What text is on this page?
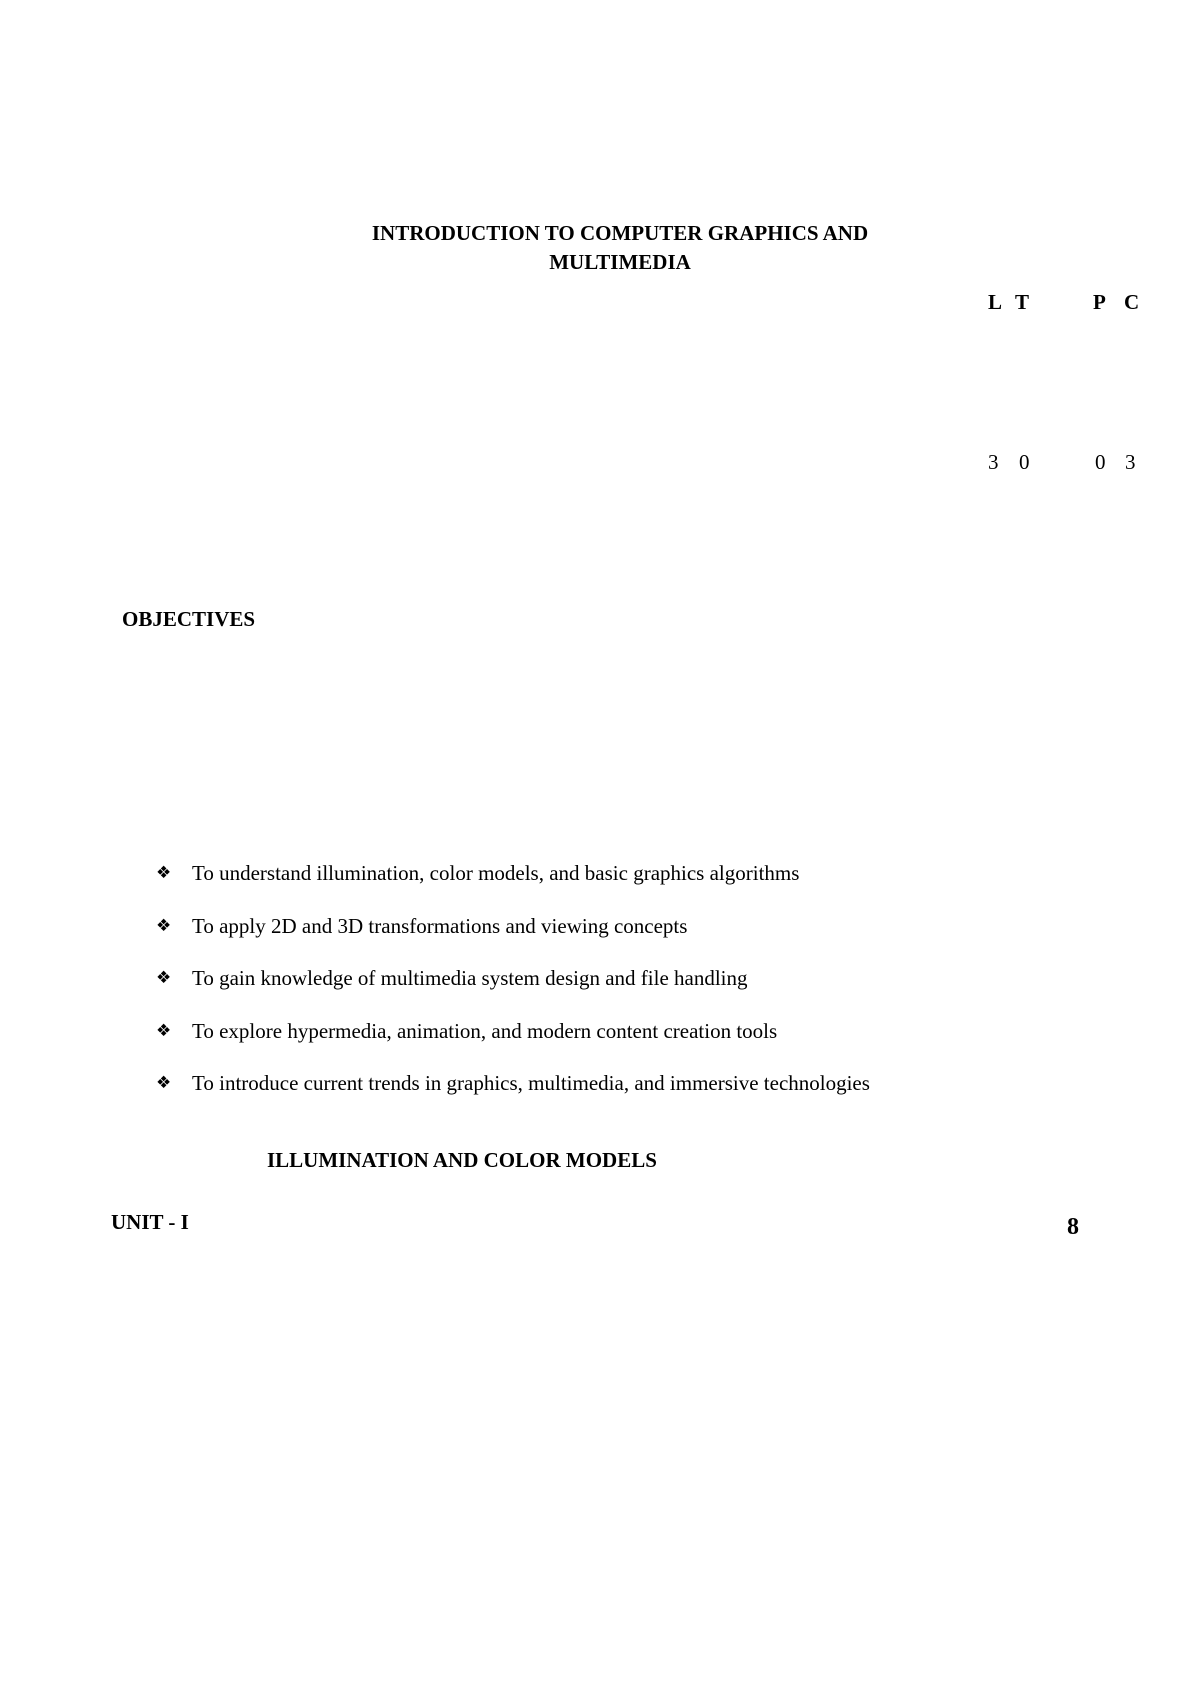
INTRODUCTION TO COMPUTER GRAPHICS AND
MULTIMEDIA
L T	P C
3 0	0 3
OBJECTIVES
❖ To understand illumination, color models, and basic graphics algorithms
❖ To apply 2D and 3D transformations and viewing concepts
❖ To gain knowledge of multimedia system design and file handling
❖ To explore hypermedia, animation, and modern content creation tools
❖ To introduce current trends in graphics, multimedia, and immersive technologies
ILLUMINATION AND COLOR MODELS
UNIT - I	8
